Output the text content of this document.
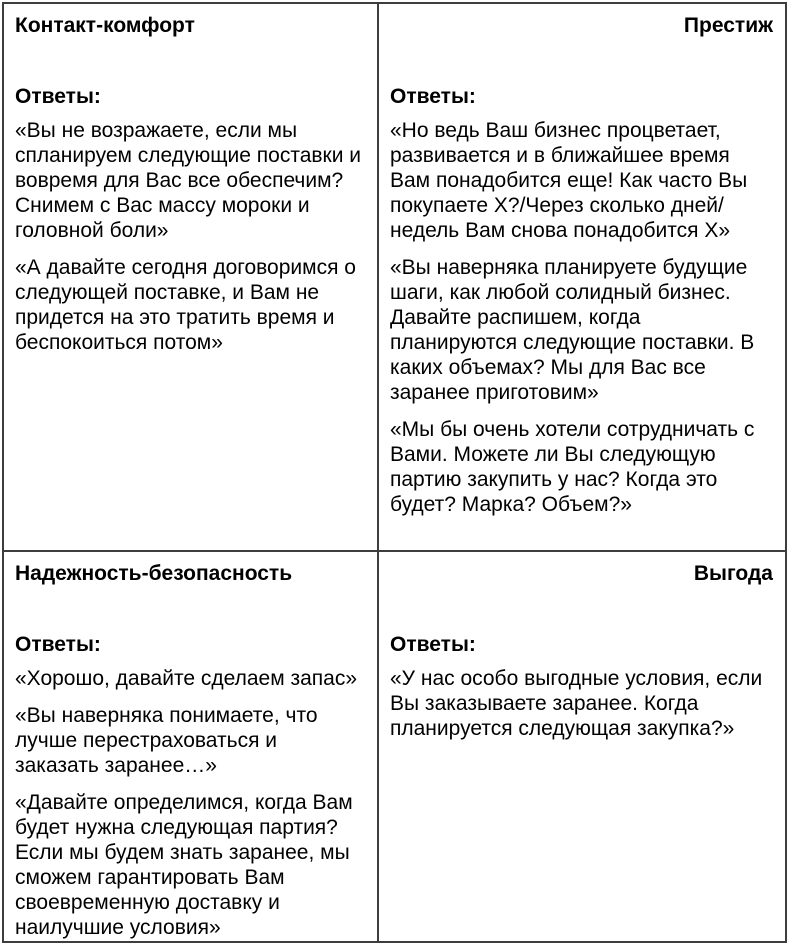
Контакт-комфорт

Ответы:

«Вы не возражаете, если мы спланируем следующие поставки и вовремя для Вас все обеспечим? Снимем с Вас массу мороки и головной боли»

«А давайте сегодня договоримся о следующей поставке, и Вам не придется на это тратить время и беспокоиться потом»

Престиж

Ответы:

«Но ведь Ваш бизнес процветает, развивается и в ближайшее время Вам понадобится еще! Как часто Вы покупаете Х?/Через сколько дней/недель Вам снова понадобится Х»

«Вы наверняка планируете будущие шаги, как любой солидный бизнес. Давайте распишем, когда планируются следующие поставки. В каких объемах? Мы для Вас все заранее приготовим»

«Мы бы очень хотели сотрудничать с Вами. Можете ли Вы следующую партию закупить у нас? Когда это будет? Марка? Объем?»

Надежность-безопасность

Ответы:

«Хорошо, давайте сделаем запас»

«Вы наверняка понимаете, что лучше перестраховаться и заказать заранее…»

«Давайте определимся, когда Вам будет нужна следующая партия? Если мы будем знать заранее, мы сможем гарантировать Вам своевременную доставку и наилучшие условия»

Выгода

Ответы:

«У нас особо выгодные условия, если Вы заказываете заранее. Когда планируется следующая закупка?»
